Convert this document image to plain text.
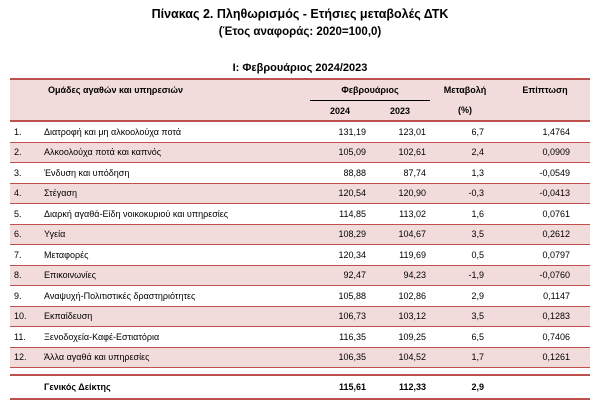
Πίνακας 2. Πληθωρισμός - Ετήσιες μεταβολές ΔΤΚ
(Έτος αναφοράς: 2020=100,0)
Ι: Φεβρουάριος 2024/2023
	Ομάδες αγαθών και υπηρεσιών	Φεβρουάριος		Μεταβολή	Επίπτωση
		2024	2023	(%)	
1.	Διατροφή και μη αλκοολούχα ποτά	131,19	123,01	6,7	1,4764
2.	Αλκοολούχα ποτά και καπνός	105,09	102,61	2,4	0,0909
3.	Ένδυση και υπόδηση	88,88	87,74	1,3	-0,0549
4.	Στέγαση	120,54	120,90	-0,3	-0,0413
5.	Διαρκή αγαθά-Είδη νοικοκυριού και υπηρεσίες	114,85	113,02	1,6	0,0761
6.	Υγεία	108,29	104,67	3,5	0,2612
7.	Μεταφορές	120,34	119,69	0,5	0,0797
8.	Επικοινωνίες	92,47	94,23	-1,9	-0,0760
9.	Αναψυχή-Πολιτιστικές δραστηριότητες	105,88	102,86	2,9	0,1147
10.	Εκπαίδευση	106,73	103,12	3,5	0,1283
11.	Ξενοδοχεία-Καφέ-Εστιατόρια	116,35	109,25	6,5	0,7406
12.	Άλλα αγαθά και υπηρεσίες	106,35	104,52	1,7	0,1261

	Γενικός Δείκτης	115,61	112,33	2,9	
